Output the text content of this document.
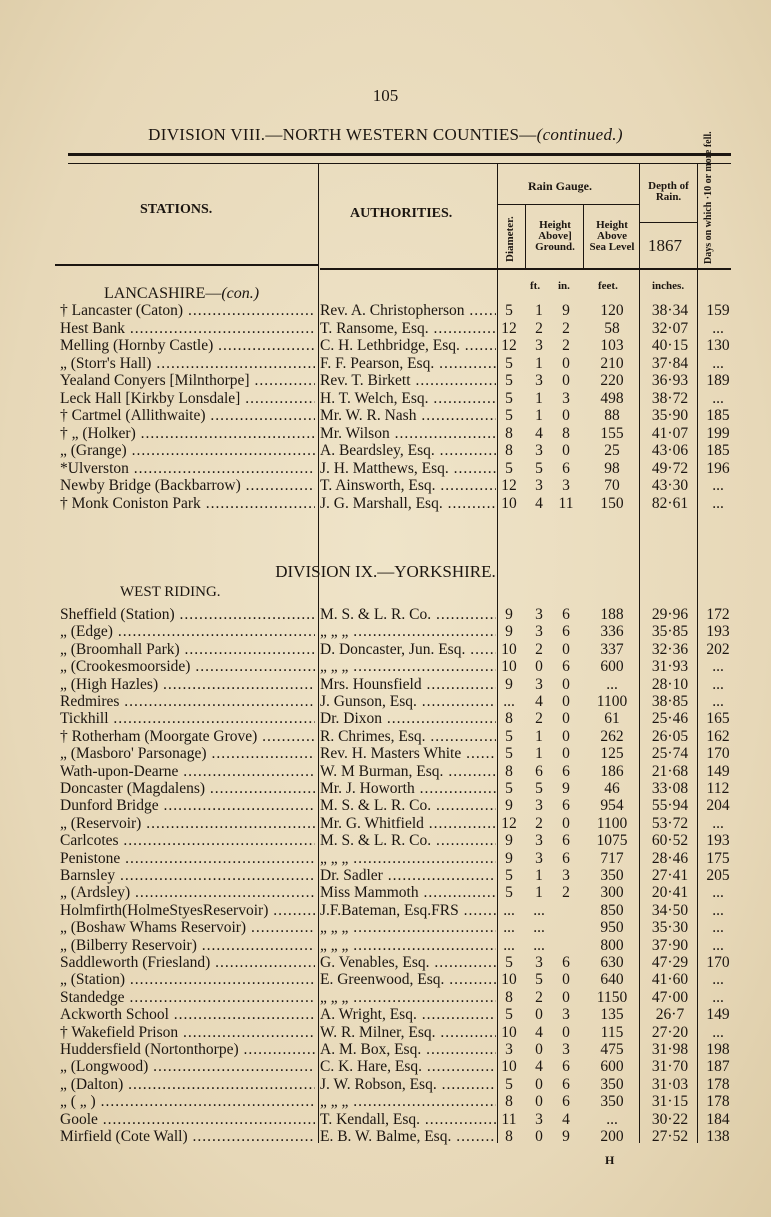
105
DIVISION VIII.—NORTH WESTERN COUNTIES—(continued.)
STATIONS.	AUTHORITIES.
Rain Gauge.
Diameter.	Height
Above]
Ground.
Height
Above
Sea Level
Depth of
Rain.
1867 Days on which ·10 or more fell.
ft. in.	feet.	inches.
LANCASHIRE—(con.)
† Lancaster (Caton) .....	Rev. A. Christopherson .....	5	1	9	120	38·34	159
Hest Bank .....	T. Ransome, Esq. .....	12	2	2	58	32·07	...
Melling (Hornby Castle) .....	C. H. Lethbridge, Esq. .....	12	3	2	103	40·15	130
„ (Storr's Hall) .....	F. F. Pearson, Esq. .....	5	1	0	210	37·84	...
Yealand Conyers [Milnthorpe] .....	Rev. T. Birkett .....	5	3	0	220	36·93	189
Leck Hall [Kirkby Lonsdale] .....	H. T. Welch, Esq. .....	5	1	3	498	38·72	...
† Cartmel (Allithwaite) .....	Mr. W. R. Nash .....	5	1	0	88	35·90	185
† „ (Holker) .....	Mr. Wilson .....	8	4	8	155	41·07	199
„ (Grange) .....	A. Beardsley, Esq. .....	8	3	0	25	43·06	185
*Ulverston .....	J. H. Matthews, Esq. .....	5	5	6	98	49·72	196
Newby Bridge (Backbarrow) .....	T. Ainsworth, Esq. .....	12	3	3	70	43·30	...
† Monk Coniston Park .....	J. G. Marshall, Esq. .....	10	4	11	150	82·61	...
DIVISION IX.—YORKSHIRE.
WEST RIDING.
Sheffield (Station) .....	M. S. & L. R. Co. .....	9	3	6	188	29·96	172
„ (Edge) .....	„ „ „ .....	9	3	6	336	35·85	193
„ (Broomhall Park) .....	D. Doncaster, Jun. Esq. .....	10	2	0	337	32·36	202
„ (Crookesmoorside) .....	„ „ „ .....	10	0	6	600	31·93	...
„ (High Hazles) .....	Mrs. Hounsfield .....	9	3	0	...	28·10	...
Redmires .....	J. Gunson, Esq. .....	...	4	0	1100	38·85	...
Tickhill .....	Dr. Dixon .....	8	2	0	61	25·46	165
† Rotherham (Moorgate Grove) .....	R. Chrimes, Esq. .....	5	1	0	262	26·05	162
„ (Masboro' Parsonage) .....	Rev. H. Masters White .....	5	1	0	125	25·74	170
Wath-upon-Dearne .....	W. M Burman, Esq. .....	8	6	6	186	21·68	149
Doncaster (Magdalens) .....	Mr. J. Howorth .....	5	5	9	46	33·08	112
Dunford Bridge .....	M. S. & L. R. Co. .....	9	3	6	954	55·94	204
„ (Reservoir) .....	Mr. G. Whitfield .....	12	2	0	1100	53·72	...
Carlcotes .....	M. S. & L. R. Co. .....	9	3	6	1075	60·52	193
Penistone .....	„ „ „ .....	9	3	6	717	28·46	175
Barnsley .....	Dr. Sadler .....	5	1	3	350	27·41	205
„ (Ardsley) .....	Miss Mammoth .....	5	1	2	300	20·41	...
Holmfirth(HolmeStyesReservoir) .....	J.F.Bateman, Esq.FRS .....	...	...	850	34·50	...
„ (Boshaw Whams Reservoir) .....	„ „ „ .....	...	...	950	35·30	...
„ (Bilberry Reservoir) .....	„ „ „ .....	...	...	800	37·90	...
Saddleworth (Friesland) .....	G. Venables, Esq. .....	5	3	6	630	47·29	170
„ (Station) .....	E. Greenwood, Esq. .....	10	5	0	640	41·60	...
Standedge .....	„ „ „ .....	8	2	0	1150	47·00	...
Ackworth School .....	A. Wright, Esq. .....	5	0	3	135	26·7	149
† Wakefield Prison .....	W. R. Milner, Esq. .....	10	4	0	115	27·20	...
Huddersfield (Nortonthorpe) .....	A. M. Box, Esq. .....	3	0	3	475	31·98	198
„ (Longwood) .....	C. K. Hare, Esq. .....	10	4	6	600	31·70	187
„ (Dalton) .....	J. W. Robson, Esq. .....	5	0	6	350	31·03	178
„ ( „ ) .....	„ „ „ .....	8	0	6	350	31·15	178
Goole .....	T. Kendall, Esq. .....	11	3	4	...	30·22	184
Mirfield (Cote Wall) .....	E. B. W. Balme, Esq. .....	8	0	9	200	27·52	138
H
